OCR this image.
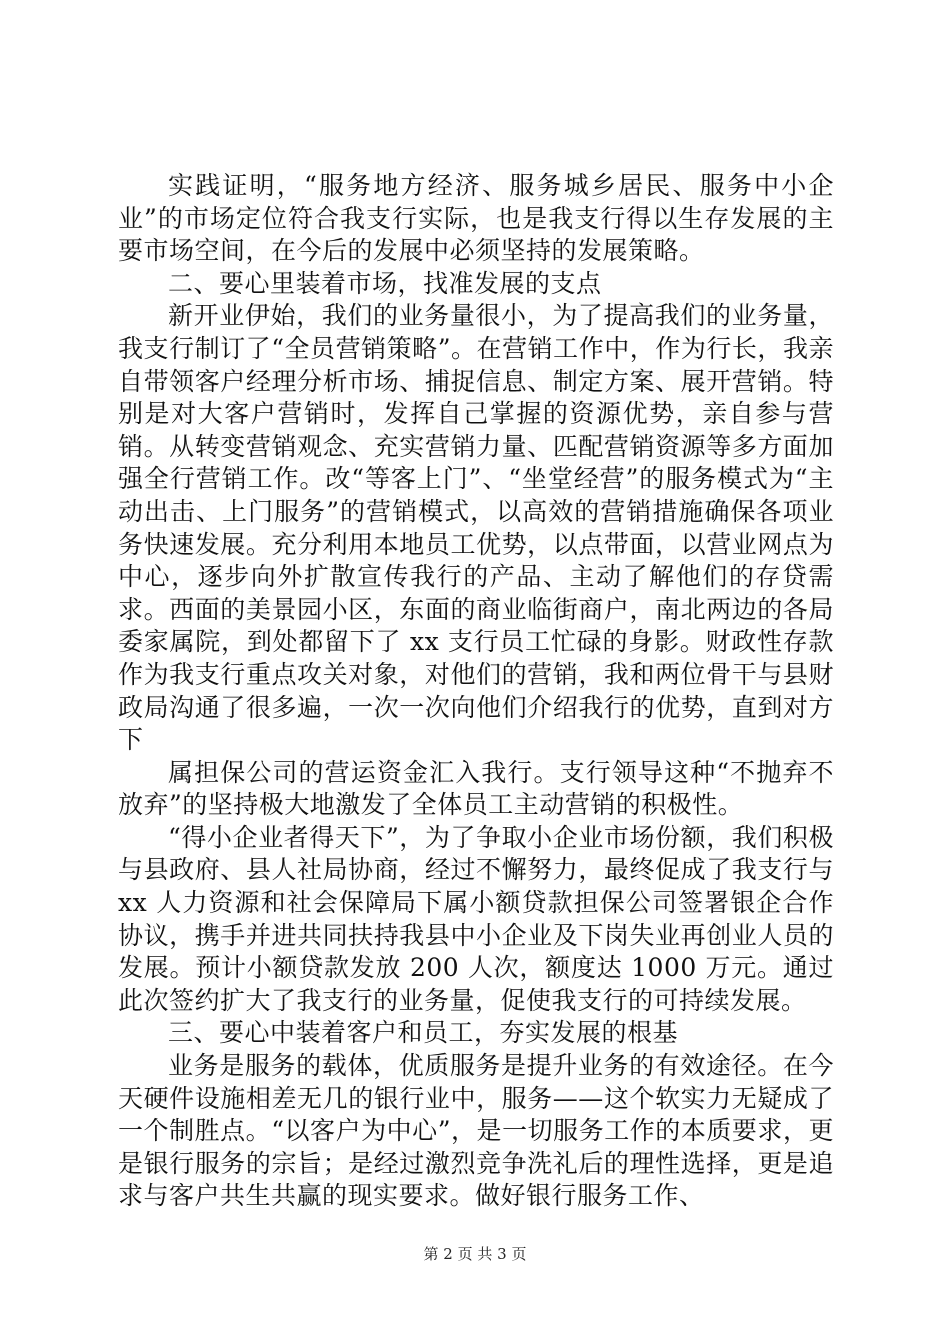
实践证明，“服务地方经济、服务城乡居民、服务中小企业”的市场定位符合我支行实际，也是我支行得以生存发展的主要市场空间，在今后的发展中必须坚持的发展策略。

二、要心里装着市场，找准发展的支点

新开业伊始，我们的业务量很小，为了提高我们的业务量，我支行制订了“全员营销策略”。在营销工作中，作为行长，我亲自带领客户经理分析市场、捕捉信息、制定方案、展开营销。特别是对大客户营销时，发挥自己掌握的资源优势，亲自参与营销。从转变营销观念、充实营销力量、匹配营销资源等多方面加强全行营销工作。改“等客上门”、“坐堂经营”的服务模式为“主动出击、上门服务”的营销模式，以高效的营销措施确保各项业务快速发展。充分利用本地员工优势，以点带面，以营业网点为中心，逐步向外扩散宣传我行的产品、主动了解他们的存贷需求。西面的美景园小区，东面的商业临街商户，南北两边的各局委家属院，到处都留下了 xx 支行员工忙碌的身影。财政性存款作为我支行重点攻关对象，对他们的营销，我和两位骨干与县财政局沟通了很多遍，一次一次向他们介绍我行的优势，直到对方下

属担保公司的营运资金汇入我行。支行领导这种“不抛弃不放弃”的坚持极大地激发了全体员工主动营销的积极性。

“得小企业者得天下”，为了争取小企业市场份额，我们积极与县政府、县人社局协商，经过不懈努力，最终促成了我支行与 xx 人力资源和社会保障局下属小额贷款担保公司签署银企合作协议，携手并进共同扶持我县中小企业及下岗失业再创业人员的发展。预计小额贷款发放 200 人次，额度达 1000 万元。通过此次签约扩大了我支行的业务量，促使我支行的可持续发展。

三、要心中装着客户和员工，夯实发展的根基

业务是服务的载体，优质服务是提升业务的有效途径。在今天硬件设施相差无几的银行业中，服务——这个软实力无疑成了一个制胜点。“以客户为中心”，是一切服务工作的本质要求，更是银行服务的宗旨；是经过激烈竞争洗礼后的理性选择，更是追求与客户共生共赢的现实要求。做好银行服务工作、

第 2 页 共 3 页
